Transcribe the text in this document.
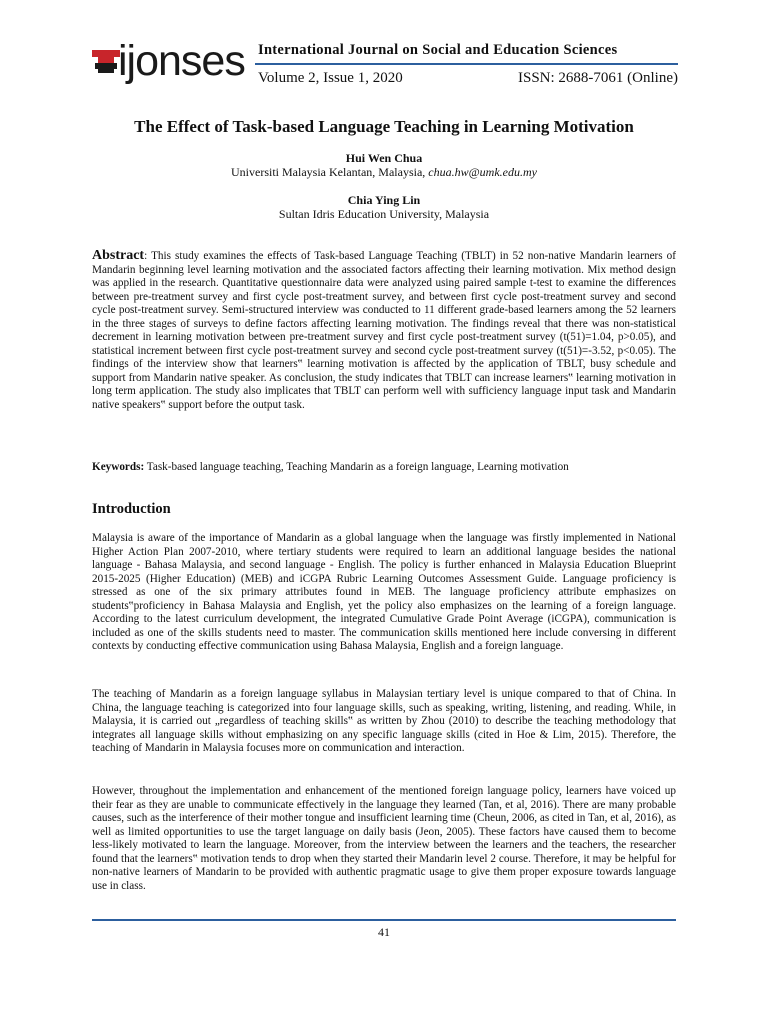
ijonses International Journal on Social and Education Sciences
Volume 2, Issue 1, 2020	ISSN: 2688-7061 (Online)
The Effect of Task-based Language Teaching in Learning Motivation
Hui Wen Chua
Universiti Malaysia Kelantan, Malaysia, chua.hw@umk.edu.my
Chia Ying Lin
Sultan Idris Education University, Malaysia
Abstract: This study examines the effects of Task-based Language Teaching (TBLT) in 52 non-native Mandarin learners of Mandarin beginning level learning motivation and the associated factors affecting their learning motivation. Mix method design was applied in the research. Quantitative questionnaire data were analyzed using paired sample t-test to examine the differences between pre-treatment survey and first cycle post-treatment survey, and between first cycle post-treatment survey and second cycle post-treatment survey. Semi-structured interview was conducted to 11 different grade-based learners among the 52 learners in the three stages of surveys to define factors affecting learning motivation. The findings reveal that there was non-statistical decrement in learning motivation between pre-treatment survey and first cycle post-treatment survey (t(51)=1.04, p>0.05), and statistical increment between first cycle post-treatment survey and second cycle post-treatment survey (t(51)=-3.52, p<0.05). The findings of the interview show that learners‟ learning motivation is affected by the application of TBLT, busy schedule and support from Mandarin native speaker. As conclusion, the study indicates that TBLT can increase learners‟ learning motivation in long term application. The study also implicates that TBLT can perform well with sufficiency language input task and Mandarin native speakers‟ support before the output task.
Keywords: Task-based language teaching, Teaching Mandarin as a foreign language, Learning motivation
Introduction
Malaysia is aware of the importance of Mandarin as a global language when the language was firstly implemented in National Higher Action Plan 2007-2010, where tertiary students were required to learn an additional language besides the national language - Bahasa Malaysia, and second language - English. The policy is further enhanced in Malaysia Education Blueprint 2015-2025 (Higher Education) (MEB) and iCGPA Rubric Learning Outcomes Assessment Guide. Language proficiency is stressed as one of the six primary attributes found in MEB. The language proficiency attribute emphasizes on students‟proficiency in Bahasa Malaysia and English, yet the policy also emphasizes on the learning of a foreign language. According to the latest curriculum development, the integrated Cumulative Grade Point Average (iCGPA), communication is included as one of the skills students need to master. The communication skills mentioned here include conversing in different contexts by conducting effective communication using Bahasa Malaysia, English and a foreign language.
The teaching of Mandarin as a foreign language syllabus in Malaysian tertiary level is unique compared to that of China. In China, the language teaching is categorized into four language skills, such as speaking, writing, listening, and reading. While, in Malaysia, it is carried out „regardless of teaching skills‟ as written by Zhou (2010) to describe the teaching methodology that integrates all language skills without emphasizing on any specific language skills (cited in Hoe & Lim, 2015). Therefore, the teaching of Mandarin in Malaysia focuses more on communication and interaction.
However, throughout the implementation and enhancement of the mentioned foreign language policy, learners have voiced up their fear as they are unable to communicate effectively in the language they learned (Tan, et al, 2016). There are many probable causes, such as the interference of their mother tongue and insufficient learning time (Cheun, 2006, as cited in Tan, et al, 2016), as well as limited opportunities to use the target language on daily basis (Jeon, 2005). These factors have caused them to become less-likely motivated to learn the language. Moreover, from the interview between the learners and the teachers, the researcher found that the learners‟ motivation tends to drop when they started their Mandarin level 2 course. Therefore, it may be helpful for non-native learners of Mandarin to be provided with authentic pragmatic usage to give them proper exposure towards language use in class.
41
